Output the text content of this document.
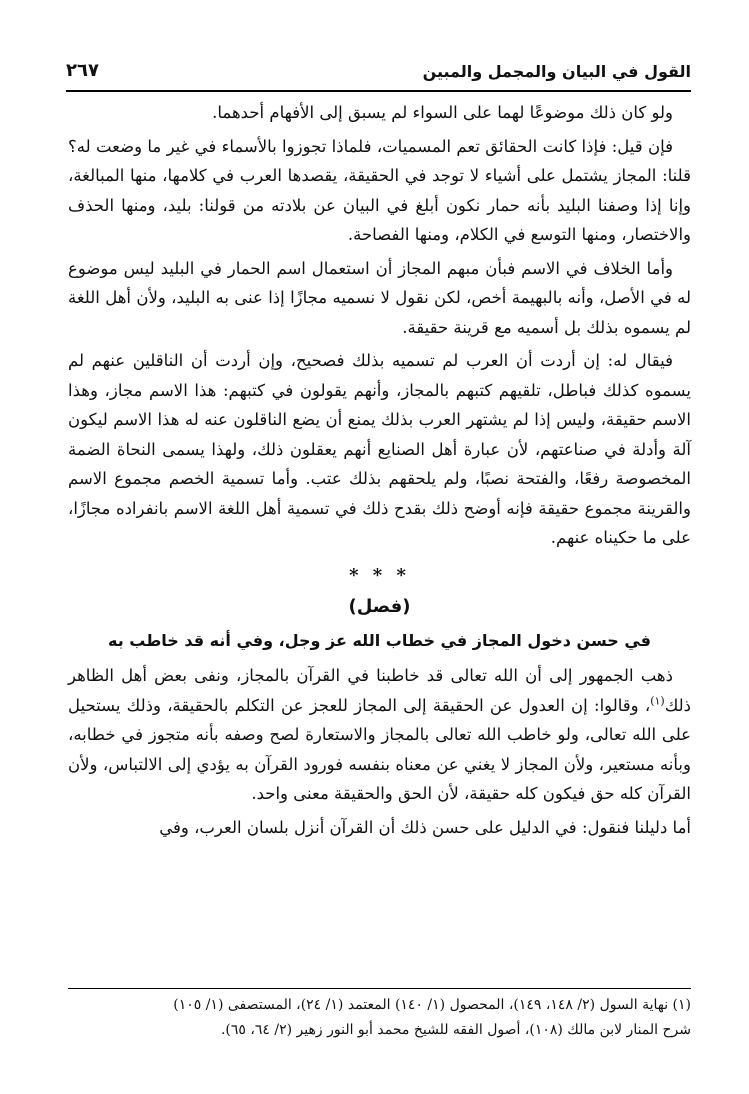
القول في البيان والمجمل والمبين
٢٦٧

ولو كان ذلك موضوعًا لهما على السواء لم يسبق إلى الأفهام أحدهما.

فإن قيل: فإذا كانت الحقائق تعم المسميات، فلماذا تجوزوا بالأسماء في غير ما وضعت له؟ قلنا: المجاز يشتمل على أشياء لا توجد في الحقيقة، يقصدها العرب في كلامها، منها المبالغة، وإنا إذا وصفنا البليد بأنه حمار نكون أبلغ في البيان عن بلادته من قولنا: بليد، ومنها الحذف والاختصار، ومنها التوسع في الكلام، ومنها الفصاحة.

وأما الخلاف في الاسم فبأن مبهم المجاز أن استعمال اسم الحمار في البليد ليس موضوع له في الأصل، وأنه بالبهيمة أخص، لكن نقول لا نسميه مجازًا إذا عنى به البليد، ولأن أهل اللغة لم يسموه بذلك بل أسميه مع قرينة حقيقة.

فيقال له: إن أردت أن العرب لم تسميه بذلك فصحيح، وإن أردت أن الناقلين عنهم لم يسموه كذلك فباطل، تلقيهم كتبهم بالمجاز، وأنهم يقولون في كتبهم: هذا الاسم مجاز، وهذا الاسم حقيقة، وليس إذا لم يشتهر العرب بذلك يمنع أن يضع الناقلون عنه له هذا الاسم ليكون آلة وأدلة في صناعتهم، لأن عبارة أهل الصنايع أنهم يعقلون ذلك، ولهذا يسمى النحاة الضمة المخصوصة رفعًا، والفتحة نصبًا، ولم يلحقهم بذلك عتب. وأما تسمية الخصم مجموع الاسم والقرينة مجموع حقيقة فإنه أوضح ذلك بقدح ذلك في تسمية أهل اللغة الاسم بانفراده مجازًا، على ما حكيناه عنهم.

* * *
(فصل)
في حسن دخول المجاز في خطاب الله عز وجل، وفي أنه قد خاطب به

ذهب الجمهور إلى أن الله تعالى قد خاطبنا في القرآن بالمجاز، ونفى بعض أهل الظاهر ذلك$^{(١)}$، وقالوا: إن العدول عن الحقيقة إلى المجاز للعجز عن التكلم بالحقيقة، وذلك يستحيل على الله تعالى، ولو خاطب الله تعالى بالمجاز والاستعارة لصح وصفه بأنه متجوز في خطابه، وبأنه مستعير، ولأن المجاز لا يغني عن معناه بنفسه فورود القرآن به يؤدي إلى الالتباس، ولأن القرآن كله حق فيكون كله حقيقة، لأن الحق والحقيقة معنى واحد.

أما دليلنا فنقول: في الدليل على حسن ذلك أن القرآن أنزل بلسان العرب، وفي

(١) نهاية السول (٢/ ١٤٨، ١٤٩)، المحصول (١/ ١٤٠) المعتمد (١/ ٢٤)، المستصفى (١/ ١٠٥)

شرح المنار لابن مالك (١٠٨)، أصول الفقه للشيخ محمد أبو النور زهير (٢/ ٦٤، ٦٥).
